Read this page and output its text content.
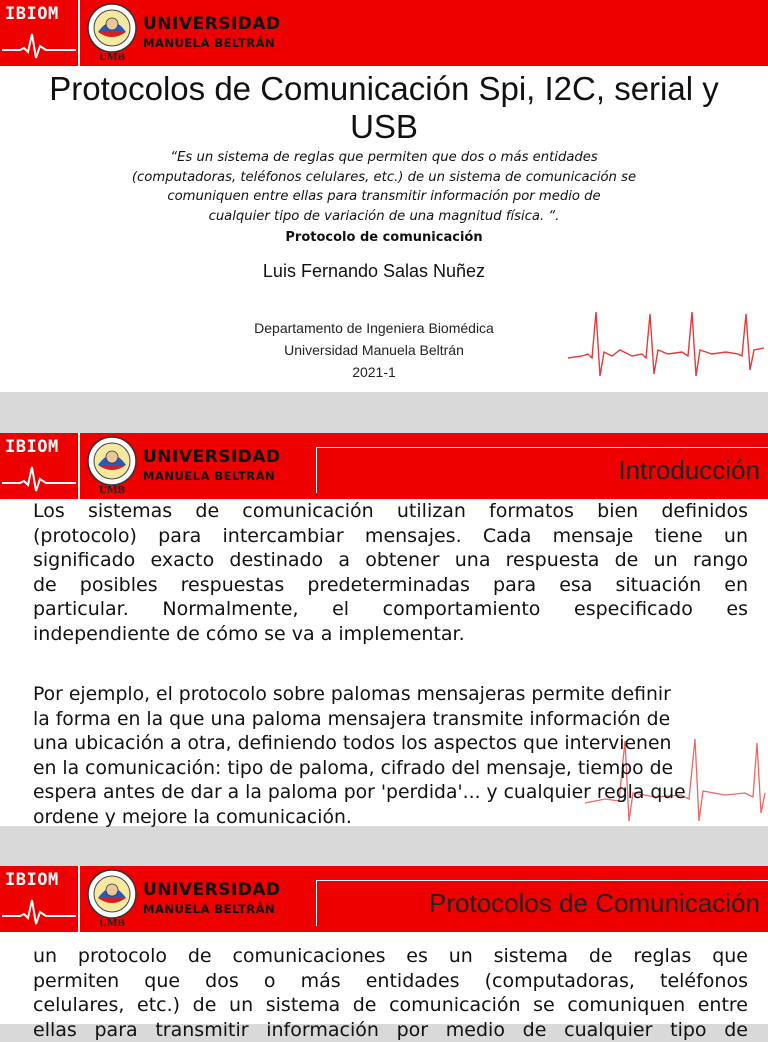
IBIOM
UMB
UNIVERSIDAD
MANUELA BELTRÁN
Protocolos de Comunicación Spi, I2C, serial y USB
“Es un sistema de reglas que permiten que dos o más entidades
(computadoras, teléfonos celulares, etc.) de un sistema de comunicación se
comuniquen entre ellas para transmitir información por medio de
cualquier tipo de variación de una magnitud física. “.
Protocolo de comunicación
Luis Fernando Salas Nuñez
Departamento de Ingeniera Biomédica
Universidad Manuela Beltrán
2021-1
IBIOM
UMB
UNIVERSIDAD
MANUELA BELTRÁN	Introducción
Los sistemas de comunicación utilizan formatos bien definidos
(protocolo) para intercambiar mensajes. Cada mensaje tiene un
significado exacto destinado a obtener una respuesta de un rango
de posibles respuestas predeterminadas para esa situación en
particular. Normalmente, el comportamiento especificado es
independiente de cómo se va a implementar.
Por ejemplo, el protocolo sobre palomas mensajeras permite definir
la forma en la que una paloma mensajera transmite información de
una ubicación a otra, definiendo todos los aspectos que intervienen
en la comunicación: tipo de paloma, cifrado del mensaje, tiempo de
espera antes de dar a la paloma por 'perdida'... y cualquier regla que
ordene y mejore la comunicación.
IBIOM
UMB
UNIVERSIDAD
MANUELA BELTRÁN	Protocolos de Comunicación
un protocolo de comunicaciones es un sistema de reglas que
permiten que dos o más entidades (computadoras, teléfonos
celulares, etc.) de un sistema de comunicación se comuniquen entre
ellas para transmitir información por medio de cualquier tipo de
